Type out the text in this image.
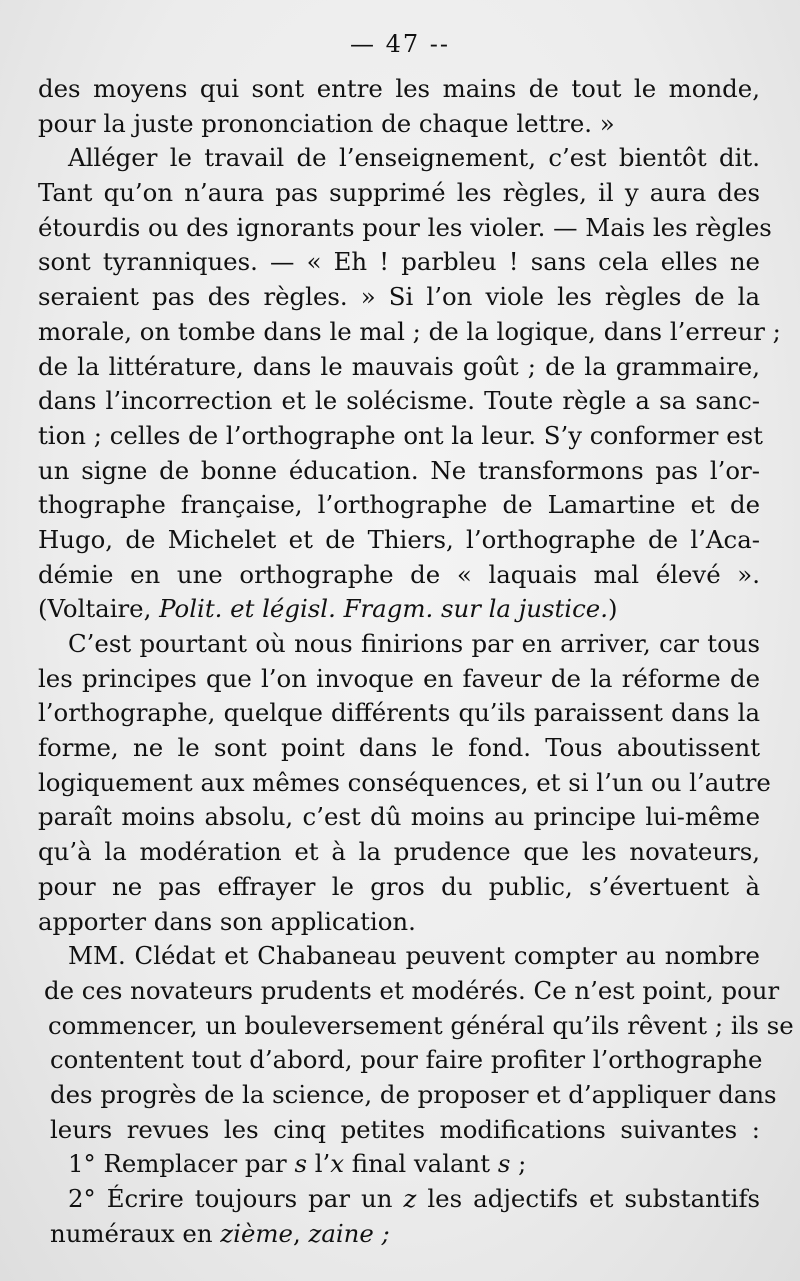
— 47 --
des moyens qui sont entre les mains de tout le monde,
pour la juste prononciation de chaque lettre. »
Alléger le travail de l’enseignement, c’est bientôt dit.
Tant qu’on n’aura pas supprimé les règles, il y aura des
étourdis ou des ignorants pour les violer. — Mais les règles
sont tyranniques. — « Eh ! parbleu ! sans cela elles ne
seraient pas des règles. » Si l’on viole les règles de la
morale, on tombe dans le mal ; de la logique, dans l’erreur ;
de la littérature, dans le mauvais goût ; de la grammaire,
dans l’incorrection et le solécisme. Toute règle a sa sanc-
tion ; celles de l’orthographe ont la leur. S’y conformer est
un signe de bonne éducation. Ne transformons pas l’or-
thographe française, l’orthographe de Lamartine et de
Hugo, de Michelet et de Thiers, l’orthographe de l’Aca-
démie en une orthographe de « laquais mal élevé ».
(Voltaire, Polit. et législ. Fragm. sur la justice.)
C’est pourtant où nous finirions par en arriver, car tous
les principes que l’on invoque en faveur de la réforme de
l’orthographe, quelque différents qu’ils paraissent dans la
forme, ne le sont point dans le fond. Tous aboutissent
logiquement aux mêmes conséquences, et si l’un ou l’autre
paraît moins absolu, c’est dû moins au principe lui-même
qu’à la modération et à la prudence que les novateurs,
pour ne pas effrayer le gros du public, s’évertuent à
apporter dans son application.
MM. Clédat et Chabaneau peuvent compter au nombre
de ces novateurs prudents et modérés. Ce n’est point, pour
commencer, un bouleversement général qu’ils rêvent ; ils se
contentent tout d’abord, pour faire profiter l’orthographe
des progrès de la science, de proposer et d’appliquer dans
leurs revues les cinq petites modifications suivantes :
1° Remplacer par s l’x final valant s ;
2° Écrire toujours par un z les adjectifs et substantifs
numéraux en zième, zaine ;
